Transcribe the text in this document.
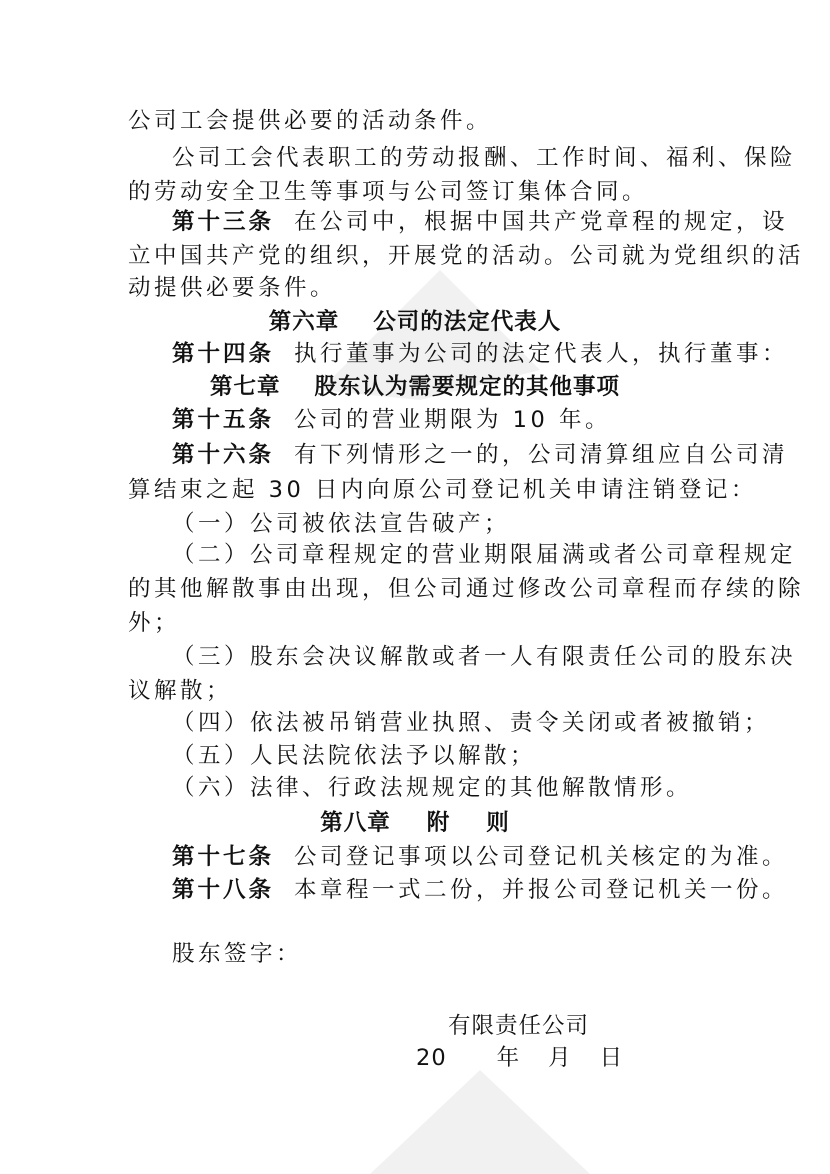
公司工会提供必要的活动条件。
公司工会代表职工的劳动报酬、工作时间、福利、保险
的劳动安全卫生等事项与公司签订集体合同。
第十三条 在公司中，根据中国共产党章程的规定，设
立中国共产党的组织，开展党的活动。公司就为党组织的活
动提供必要条件。
第六章 公司的法定代表人
第十四条 执行董事为公司的法定代表人，执行董事：
第七章 股东认为需要规定的其他事项
第十五条 公司的营业期限为 10 年。
第十六条 有下列情形之一的，公司清算组应自公司清
算结束之起 30 日内向原公司登记机关申请注销登记：
（一）公司被依法宣告破产；
（二）公司章程规定的营业期限届满或者公司章程规定
的其他解散事由出现，但公司通过修改公司章程而存续的除
外；
（三）股东会决议解散或者一人有限责任公司的股东决
议解散；
（四）依法被吊销营业执照、责令关闭或者被撤销；
（五）人民法院依法予以解散；
（六）法律、行政法规规定的其他解散情形。
第八章 附 则
第十七条 公司登记事项以公司登记机关核定的为准。
第十八条 本章程一式二份，并报公司登记机关一份。
股东签字：
有限责任公司
20 年 月 日
